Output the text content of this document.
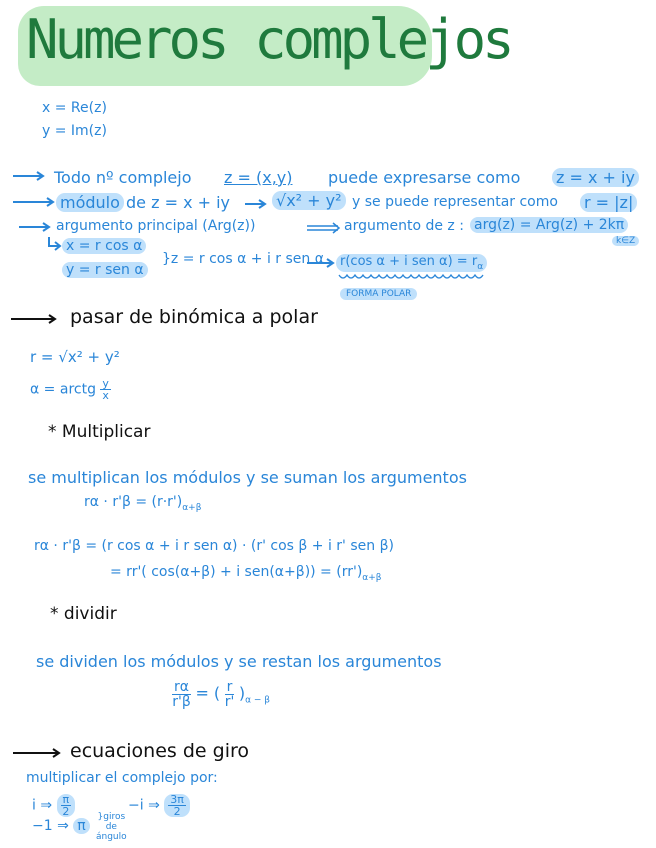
Numeros complejos
x = Re(z)
y = Im(z)
Todo nº complejo z = (x,y) puede expresarse como z = x + iy
módulo de z = x + iy	√x² + y² y se puede representar como r = |z|
argumento principal (Arg(z))	argumento de z : arg(z) = Arg(z) + 2kπ
k∈Z
x = r cos α
y = r sen α
}z = r cos α + i r sen α	r(cos α + i sen $\alpha) = r_\alpha$
FORMA POLAR
pasar de binómica a polar
r = √x² + y²
α = arctg $\frac{y}{x}$
* Multiplicar
se multiplican los módulos y se suman los argumentos
$r\alpha \cdot r'\beta = (r\cdot r')_{\alpha+\beta}$
rα · r'β = (r cos α + i r sen α) · (r' cos β + i r' sen β)
= rr'( cos(α+β) + i $sen(\alpha+\beta)) = (rr')_{\alpha+\beta}$
* dividir
se dividen los módulos y se restan los argumentos
$\frac{r\alpha}{r'\beta}$ = ( $\frac{r}{r'} )_{\alpha - \beta}$
ecuaciones de giro
multiplicar el complejo por:
i ⇒ $\frac{\pi}{2}$	−i ⇒ $\frac{3\pi}{2}$
−1 ⇒ π
}giros
de
ángulo
